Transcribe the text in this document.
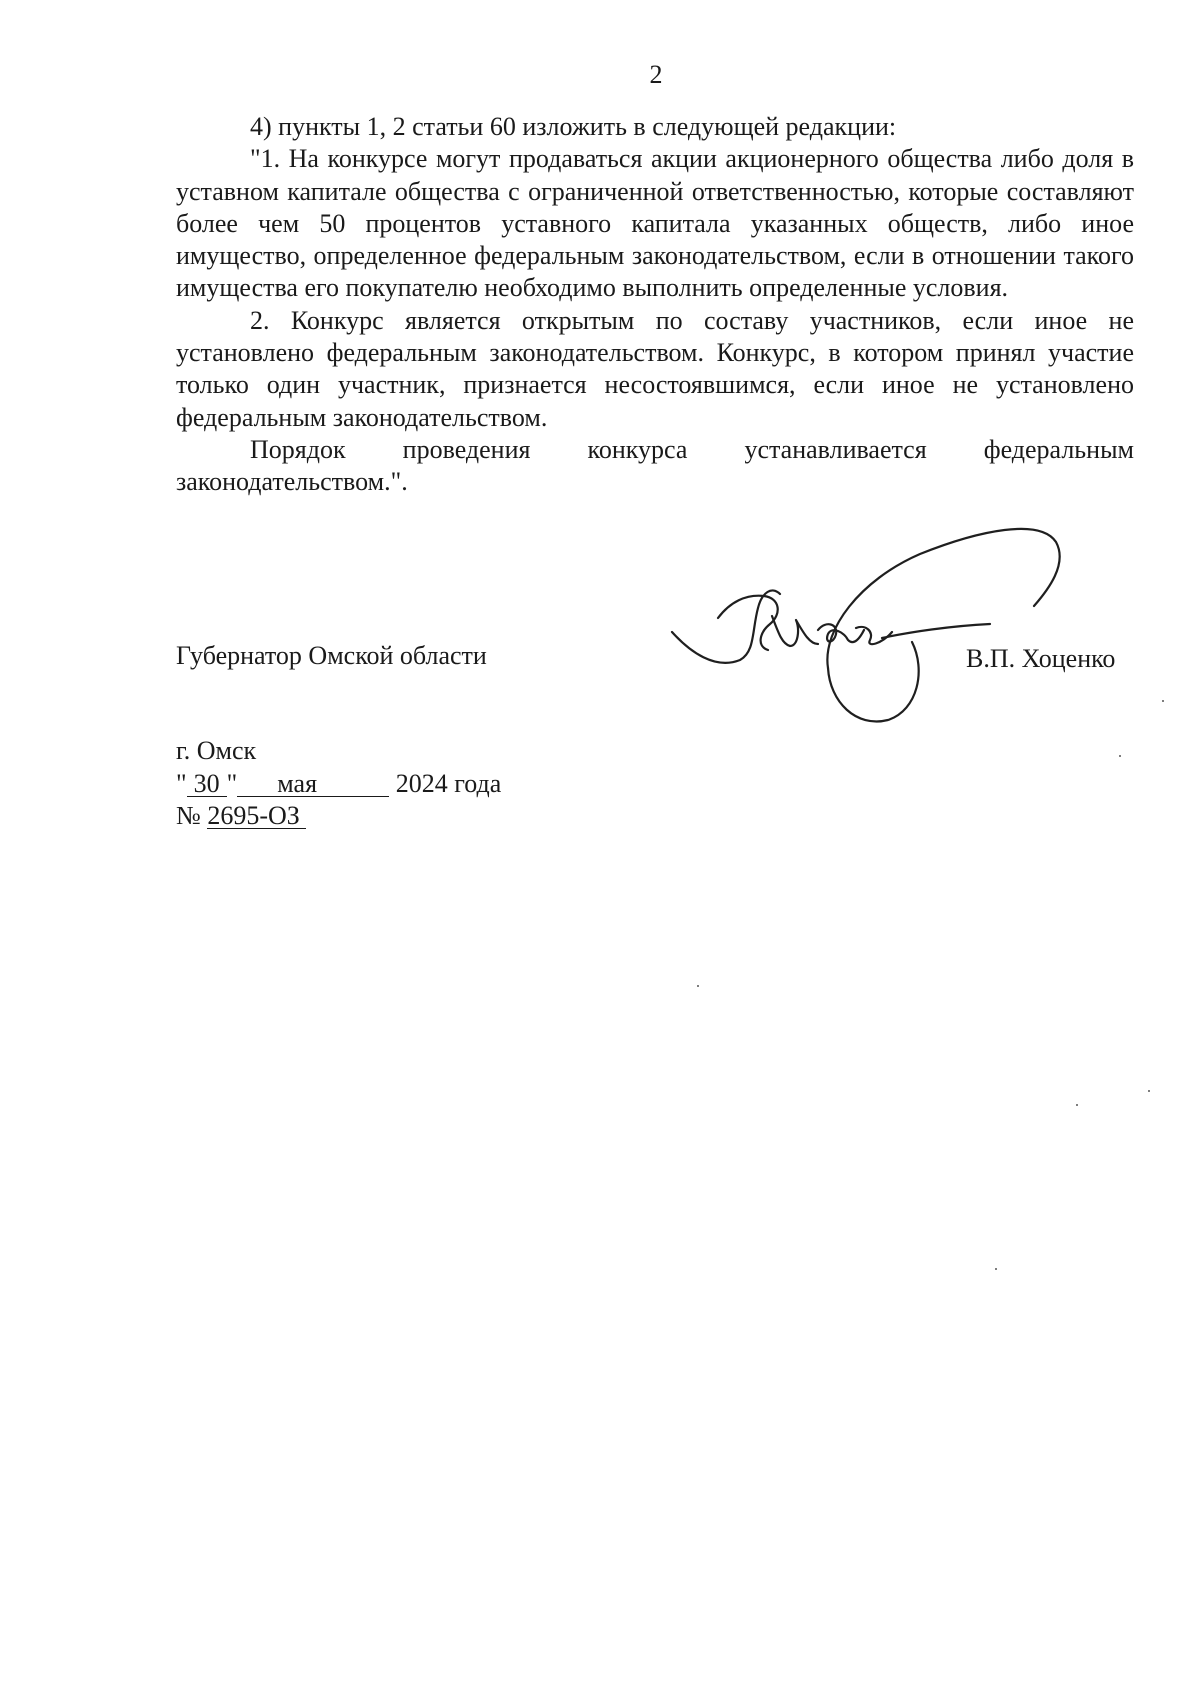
2

4) пункты 1, 2 статьи 60 изложить в следующей редакции:

"1. На конкурсе могут продаваться акции акционерного общества либо доля в уставном капитале общества с ограниченной ответственностью, которые составляют более чем 50 процентов уставного капитала указанных обществ, либо иное имущество, определенное федеральным законодательством, если в отношении такого имущества его покупателю необходимо выполнить определенные условия.

2. Конкурс является открытым по составу участников, если иное не установлено федеральным законодательством. Конкурс, в котором принял участие только один участник, признается несостоявшимся, если иное не установлено федеральным законодательством.

Порядок проведения конкурса устанавливается федеральным законодательством.".

Губернатор Омской области	В.П. Хоценко
г. Омск
" 30 " мая	2024 года
№ 2695-ОЗ
